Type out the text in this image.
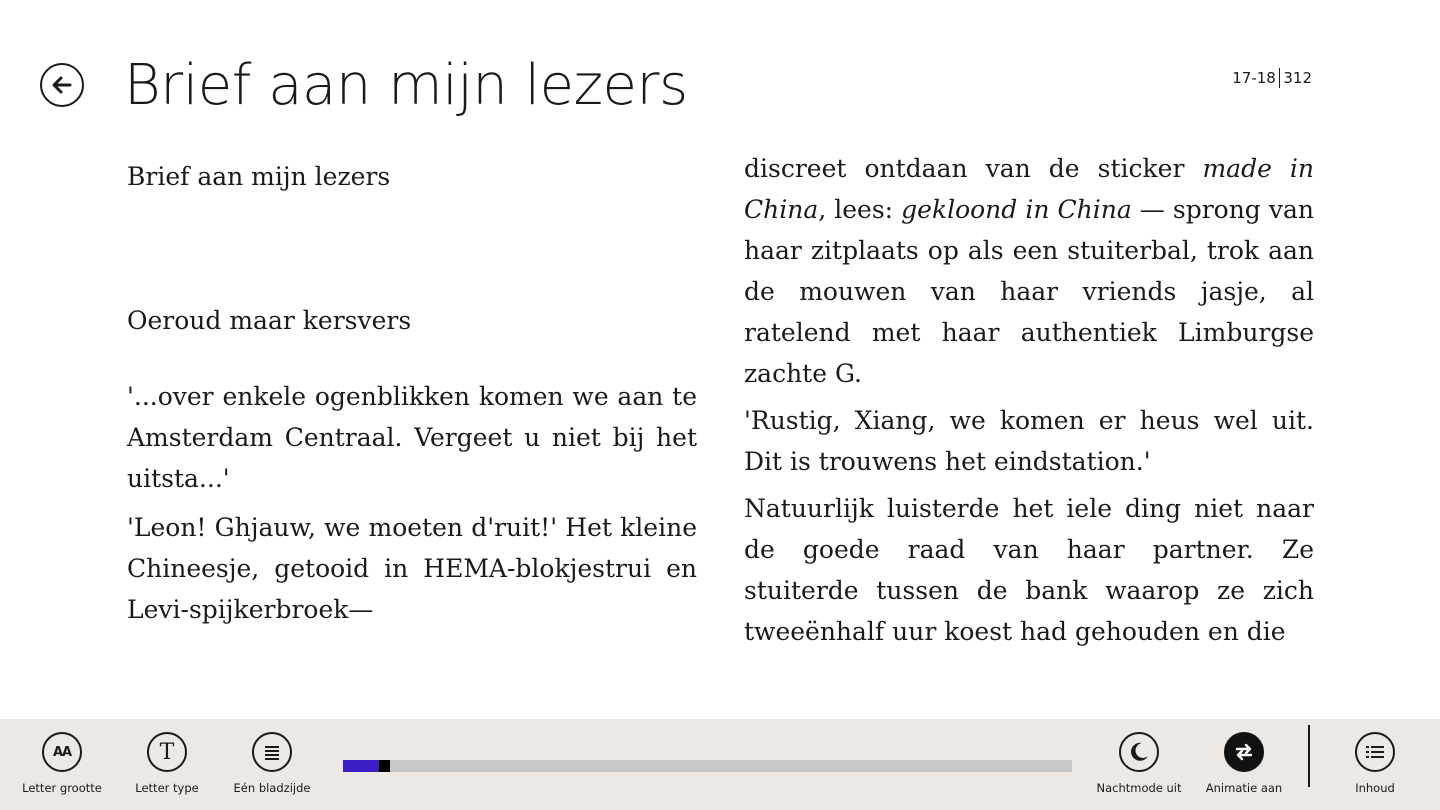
Brief aan mijn lezers	17-18 312

Brief aan mijn lezers

Oeroud maar kersvers

'...over enkele ogenblikken komen we aan te Amsterdam Centraal. Vergeet u niet bij het uitsta...'

'Leon! Ghjauw, we moeten d'ruit!' Het kleine Chineesje, getooid in HEMA-blokjestrui en Levi-spijkerbroek—

discreet ontdaan van de sticker made in China, lees: gekloond in China — sprong van haar zitplaats op als een stuiterbal, trok aan de mouwen van haar vriends jasje, al ratelend met haar authentiek Limburgse zachte G.

'Rustig, Xiang, we komen er heus wel uit. Dit is trouwens het eindstation.'

Natuurlijk luisterde het iele ding niet naar de goede raad van haar partner. Ze stuiterde tussen de bank waarop ze zich tweeënhalf uur koest had gehouden en die

AA
Letter grootte
T
Letter type	Eén bladzijde	Nachtmode uit Animatie aan	Inhoud
